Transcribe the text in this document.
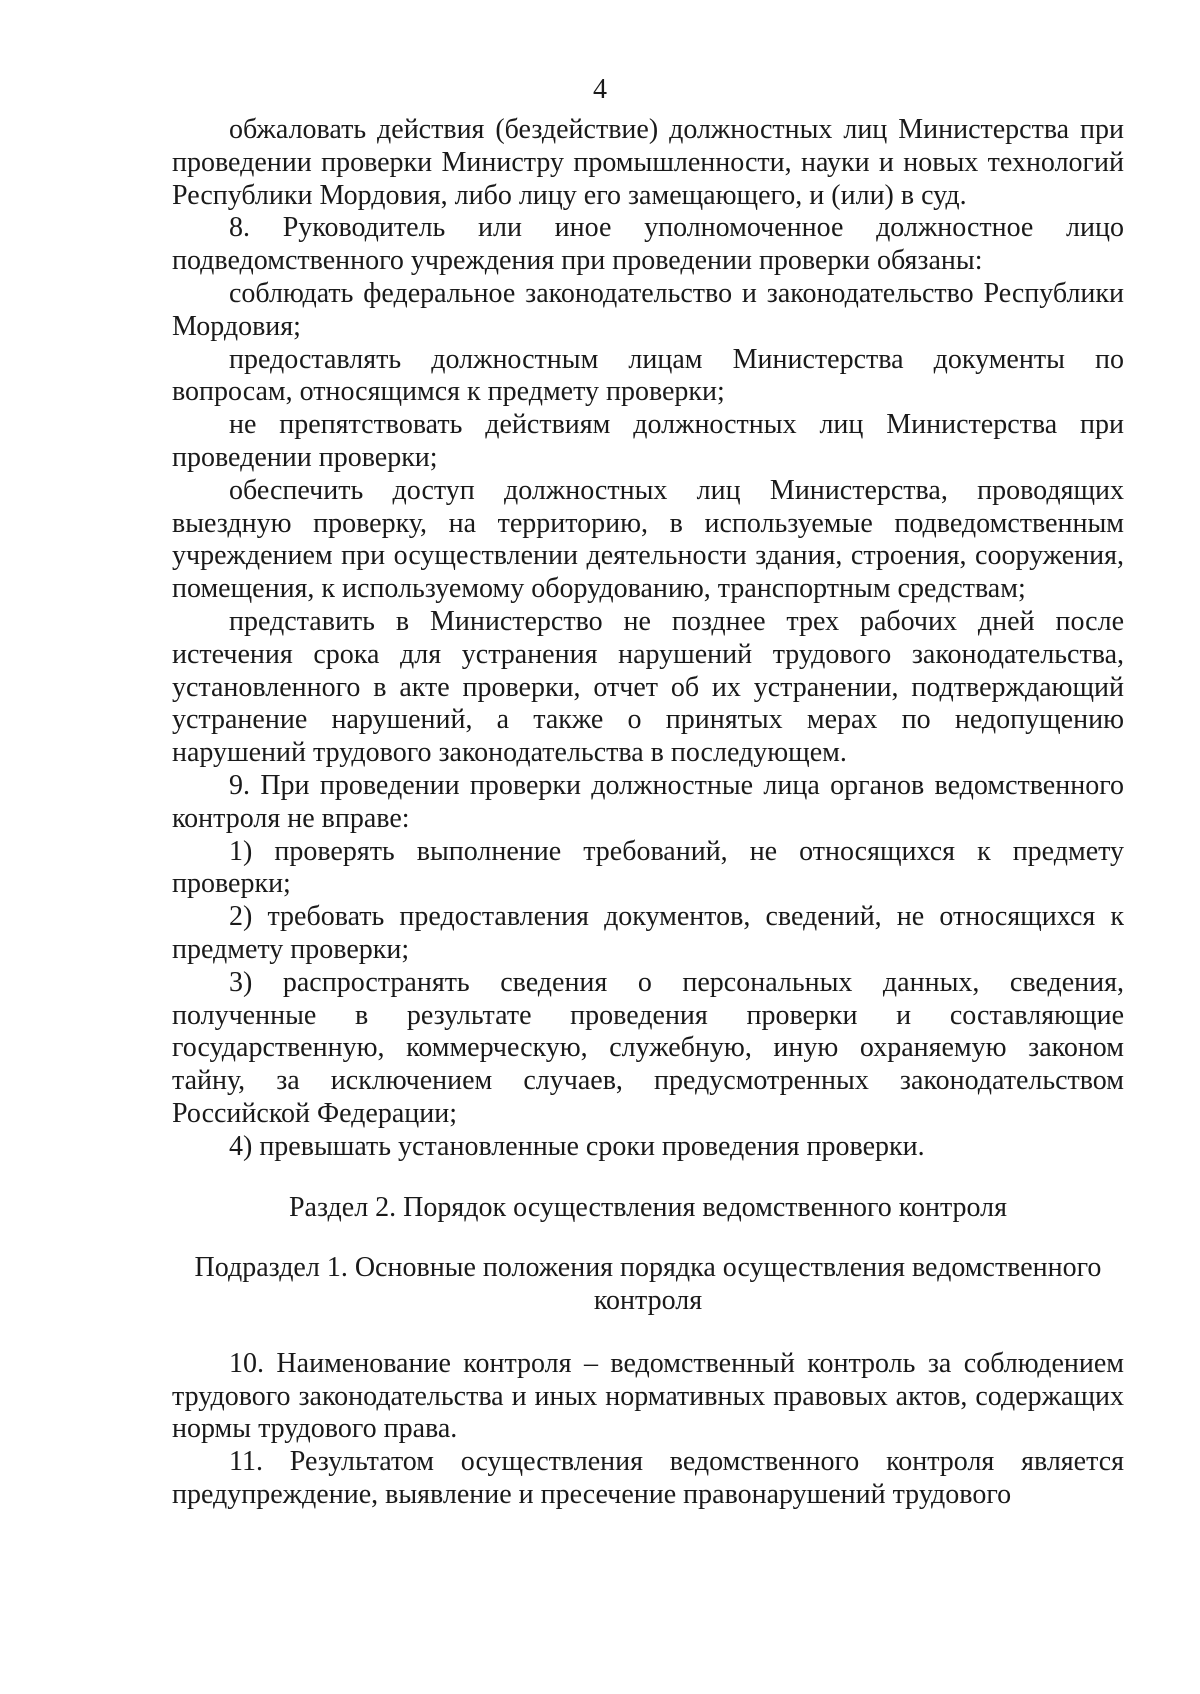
4

обжаловать действия (бездействие) должностных лиц Министерства при проведении проверки Министру промышленности, науки и новых технологий Республики Мордовия, либо лицу его замещающего, и (или) в суд.

8. Руководитель или иное уполномоченное должностное лицо подведомственного учреждения при проведении проверки обязаны:

соблюдать федеральное законодательство и законодательство Республики Мордовия;

предоставлять должностным лицам Министерства документы по вопросам, относящимся к предмету проверки;

не препятствовать действиям должностных лиц Министерства при проведении проверки;

обеспечить доступ должностных лиц Министерства, проводящих выездную проверку, на территорию, в используемые подведомственным учреждением при осуществлении деятельности здания, строения, сооружения, помещения, к используемому оборудованию, транспортным средствам;

представить в Министерство не позднее трех рабочих дней после истечения срока для устранения нарушений трудового законодательства, установленного в акте проверки, отчет об их устранении, подтверждающий устранение нарушений, а также о принятых мерах по недопущению нарушений трудового законодательства в последующем.

9. При проведении проверки должностные лица органов ведомственного контроля не вправе:

1) проверять выполнение требований, не относящихся к предмету проверки;

2) требовать предоставления документов, сведений, не относящихся к предмету проверки;

3) распространять сведения о персональных данных, сведения, полученные в результате проведения проверки и составляющие государственную, коммерческую, служебную, иную охраняемую законом тайну, за исключением случаев, предусмотренных законодательством Российской Федерации;

4) превышать установленные сроки проведения проверки.

Раздел 2. Порядок осуществления ведомственного контроля

Подраздел 1. Основные положения порядка осуществления ведомственного контроля

10. Наименование контроля – ведомственный контроль за соблюдением трудового законодательства и иных нормативных правовых актов, содержащих нормы трудового права.

11. Результатом осуществления ведомственного контроля является предупреждение, выявление и пресечение правонарушений трудового
